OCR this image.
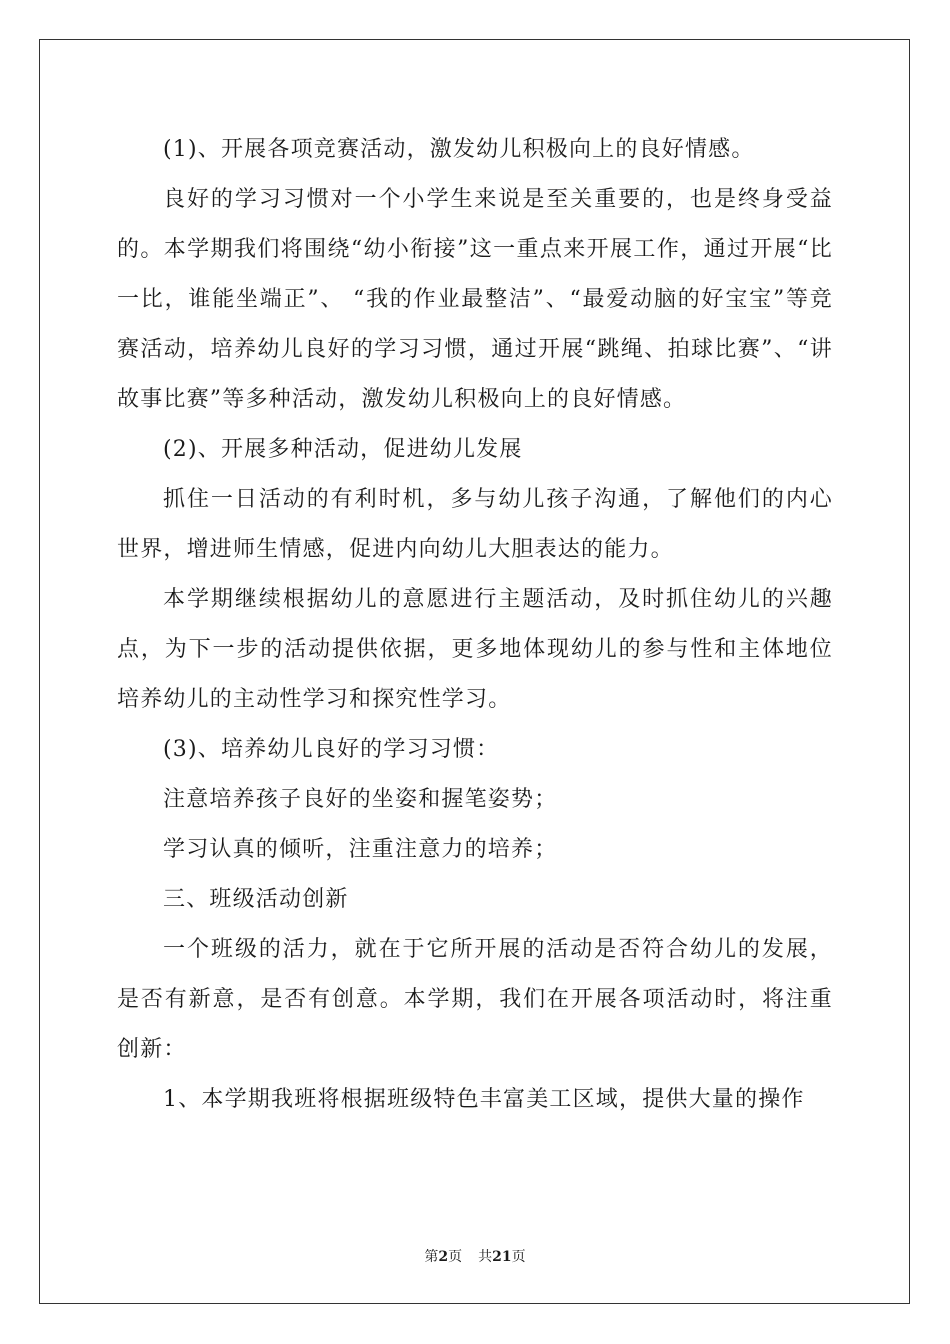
(1)、开展各项竞赛活动，激发幼儿积极向上的良好情感。

良好的学习习惯对一个小学生来说是至关重要的，也是终身受益的。本学期我们将围绕“幼小衔接”这一重点来开展工作，通过开展“比一比，谁能坐端正”、 “我的作业最整洁”、“最爱动脑的好宝宝”等竞赛活动，培养幼儿良好的学习习惯，通过开展“跳绳、拍球比赛”、“讲故事比赛”等多种活动，激发幼儿积极向上的良好情感。

(2)、开展多种活动，促进幼儿发展

抓住一日活动的有利时机，多与幼儿孩子沟通，了解他们的内心世界，增进师生情感，促进内向幼儿大胆表达的能力。

本学期继续根据幼儿的意愿进行主题活动，及时抓住幼儿的兴趣点，为下一步的活动提供依据，更多地体现幼儿的参与性和主体地位培养幼儿的主动性学习和探究性学习。

(3)、培养幼儿良好的学习习惯：

注意培养孩子良好的坐姿和握笔姿势；

学习认真的倾听，注重注意力的培养；

三、班级活动创新

一个班级的活力，就在于它所开展的活动是否符合幼儿的发展，是否有新意，是否有创意。本学期，我们在开展各项活动时，将注重创新：

1、本学期我班将根据班级特色丰富美工区域，提供大量的操作

第2页 共21页
